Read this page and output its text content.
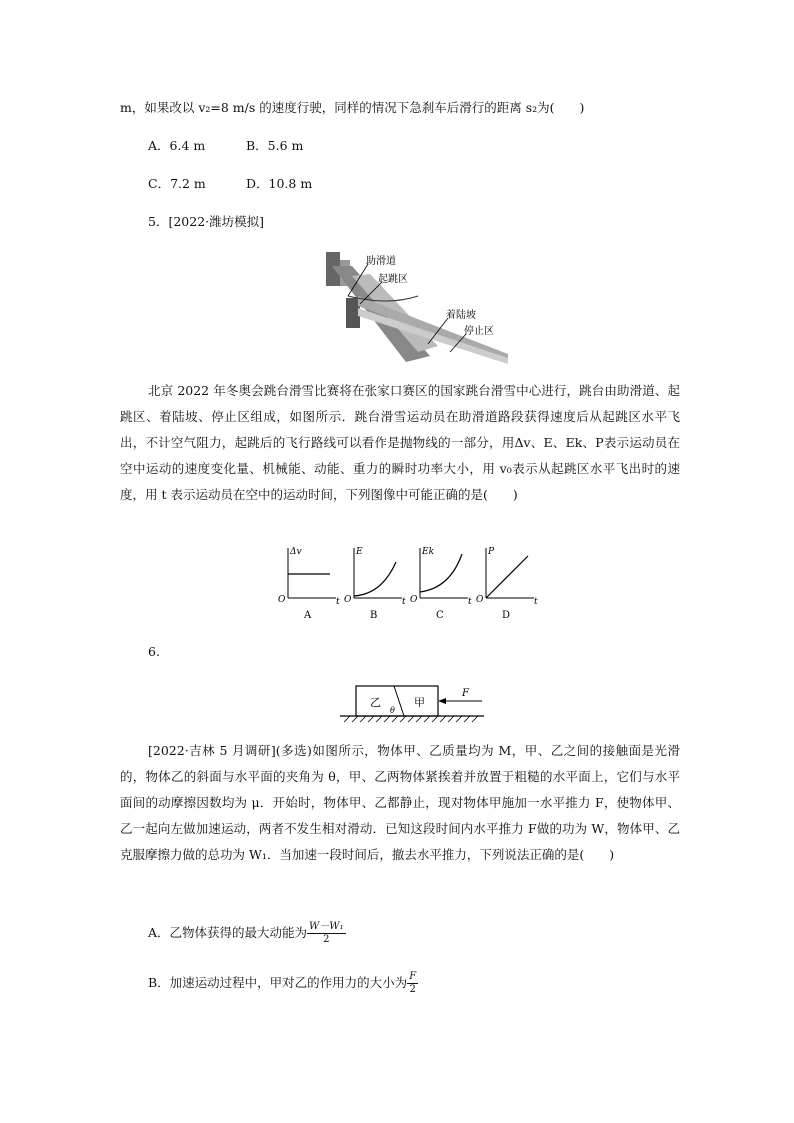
m，如果改以 v₂=8 m/s 的速度行驶，同样的情况下急刹车后滑行的距离 s₂为(　　)
A．6.4 m	B．5.6 m
C．7.2 m	D．10.8 m
5．[2022·潍坊模拟]
助滑道
起跳区
着陆坡
停止区
北京 2022 年冬奥会跳台滑雪比赛将在张家口赛区的国家跳台滑雪中心进行，跳台由助滑道、起跳区、着陆坡、停止区组成，如图所示．跳台滑雪运动员在助滑道路段获得速度后从起跳区水平飞出，不计空气阻力，起跳后的飞行路线可以看作是抛物线的一部分，用Δv、E、Ek、P表示运动员在空中运动的速度变化量、机械能、动能、重力的瞬时功率大小，用 v₀表示从起跳区水平飞出时的速度，用 t 表示运动员在空中的运动时间，下列图像中可能正确的是(　　)
Δv
O	t
A
E
O	t
B
Ek
O	t
C
P
O	t
D
6.
乙
θ
甲
F
[2022·吉林 5 月调研](多选)如图所示，物体甲、乙质量均为 M，甲、乙之间的接触面是光滑的，物体乙的斜面与水平面的夹角为 θ，甲、乙两物体紧挨着并放置于粗糙的水平面上，它们与水平面间的动摩擦因数均为 μ．开始时，物体甲、乙都静止，现对物体甲施加一水平推力 F，使物体甲、乙一起向左做加速运动，两者不发生相对滑动．已知这段时间内水平推力 F做的功为 W，物体甲、乙克服摩擦力做的总功为 W₁．当加速一段时间后，撤去水平推力，下列说法正确的是(　　)
A．乙物体获得的最大动能为 $\frac{\text{W－W₁}}{2}$
B．加速运动过程中，甲对乙的作用力的大小为 $\frac{F}{2}$
